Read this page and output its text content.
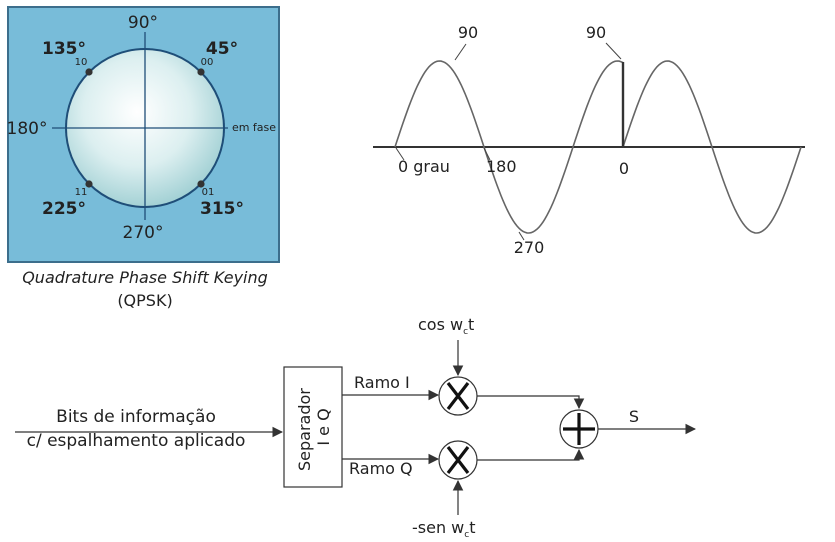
90°
180°
270°
em fase
135°
10
45°
00
225°
11
315°
01
Quadrature Phase Shift Keying
(QPSK)
90	90
0 grau 180	0
270
Bits de informação
c/ espalhamento aplicado	Separador I e Q
Ramo I
Ramo Q
$\cos w_ct$
-sen $w_ct$
S
